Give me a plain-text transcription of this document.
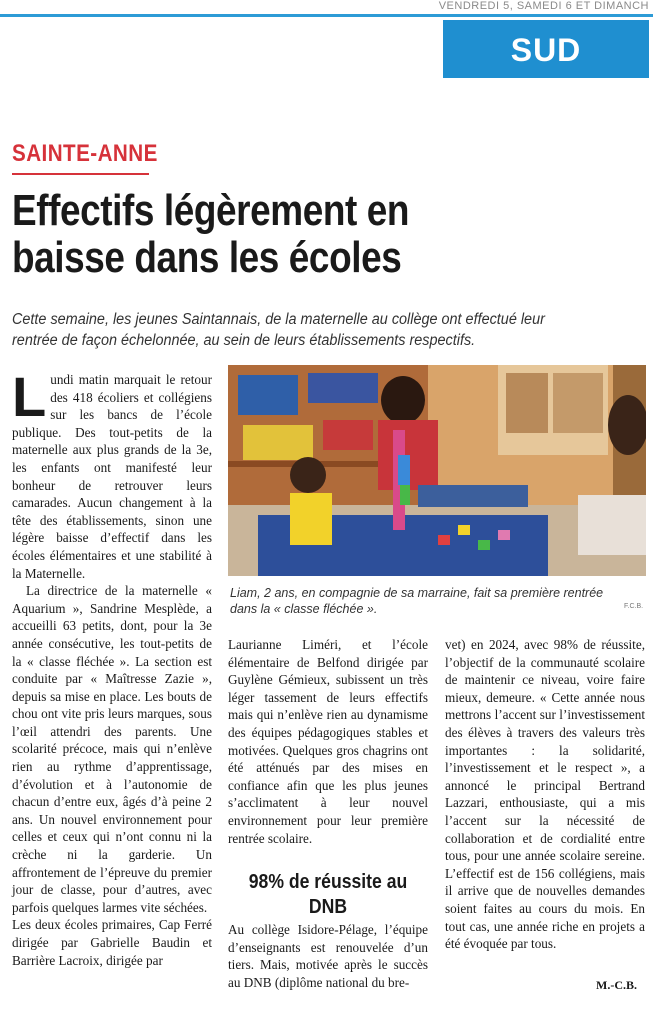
VENDREDI 5, SAMEDI 6 ET DIMANCH
SUD
SAINTE-ANNE
Effectifs légèrement en baisse dans les écoles

Cette semaine, les jeunes Saintannais, de la maternelle au collège ont effectué leur rentrée de façon échelonnée, au sein de leurs établissements respectifs.

Lundi matin marquait le retour des 418 écoliers et collégiens sur les bancs de l’école publique. Des tout-petits de la maternelle aux plus grands de la 3e, les enfants ont manifesté leur bonheur de retrouver leurs camarades. Aucun changement à la tête des établissements, sinon une légère baisse d’effectif dans les écoles élémentaires et une stabilité à la Maternelle.

La directrice de la maternelle « Aquarium », Sandrine Mesplède, a accueilli 63 petits, dont, pour la 3e année consécutive, les tout-petits de la « classe fléchée ». La section est conduite par « Maîtresse Zazie », depuis sa mise en place. Les bouts de chou ont vite pris leurs marques, sous l’œil attendri des parents. Une scolarité précoce, mais qui n’enlève rien au rythme d’apprentissage, d’évolution et à l’autonomie de chacun d’entre eux, âgés d’à peine 2 ans. Un nouvel environnement pour celles et ceux qui n’ont connu ni la crèche ni la garderie. Un affrontement de l’épreuve du premier jour de classe, pour d’autres, avec parfois quelques larmes vite séchées.

Les deux écoles primaires, Cap Ferré dirigée par Gabrielle Baudin et Barrière Lacroix, dirigée par

Liam, 2 ans, en compagnie de sa marraine, fait sa première rentrée dans la « classe fléchée ».	F.C.B.

Laurianne Liméri, et l’école élémentaire de Belfond dirigée par Guylène Gémieux, subissent un très léger tassement de leurs effectifs mais qui n’enlève rien au dynamisme des équipes pédagogiques stables et motivées. Quelques gros chagrins ont été atténués par des mises en confiance afin que les plus jeunes s’acclimatent à leur nouvel environnement pour leur première rentrée scolaire.

98% de réussite au DNB

Au collège Isidore-Pélage, l’équipe d’enseignants est renouvelée d’un tiers. Mais, motivée après le succès au DNB (diplôme national du bre-

vet) en 2024, avec 98% de réussite, l’objectif de la communauté scolaire de maintenir ce niveau, voire faire mieux, demeure. « Cette année nous mettrons l’accent sur l’investissement des élèves à travers des valeurs très importantes : la solidarité, l’investissement et le respect », a annoncé le principal Bertrand Lazzari, enthousiaste, qui a mis l’accent sur la nécessité de collaboration et de cordialité entre tous, pour une année scolaire sereine. L’effectif est de 156 collégiens, mais il arrive que de nouvelles demandes soient faites au cours du mois. En tout cas, une année riche en projets a été évoquée par tous.

M.-C.B.
